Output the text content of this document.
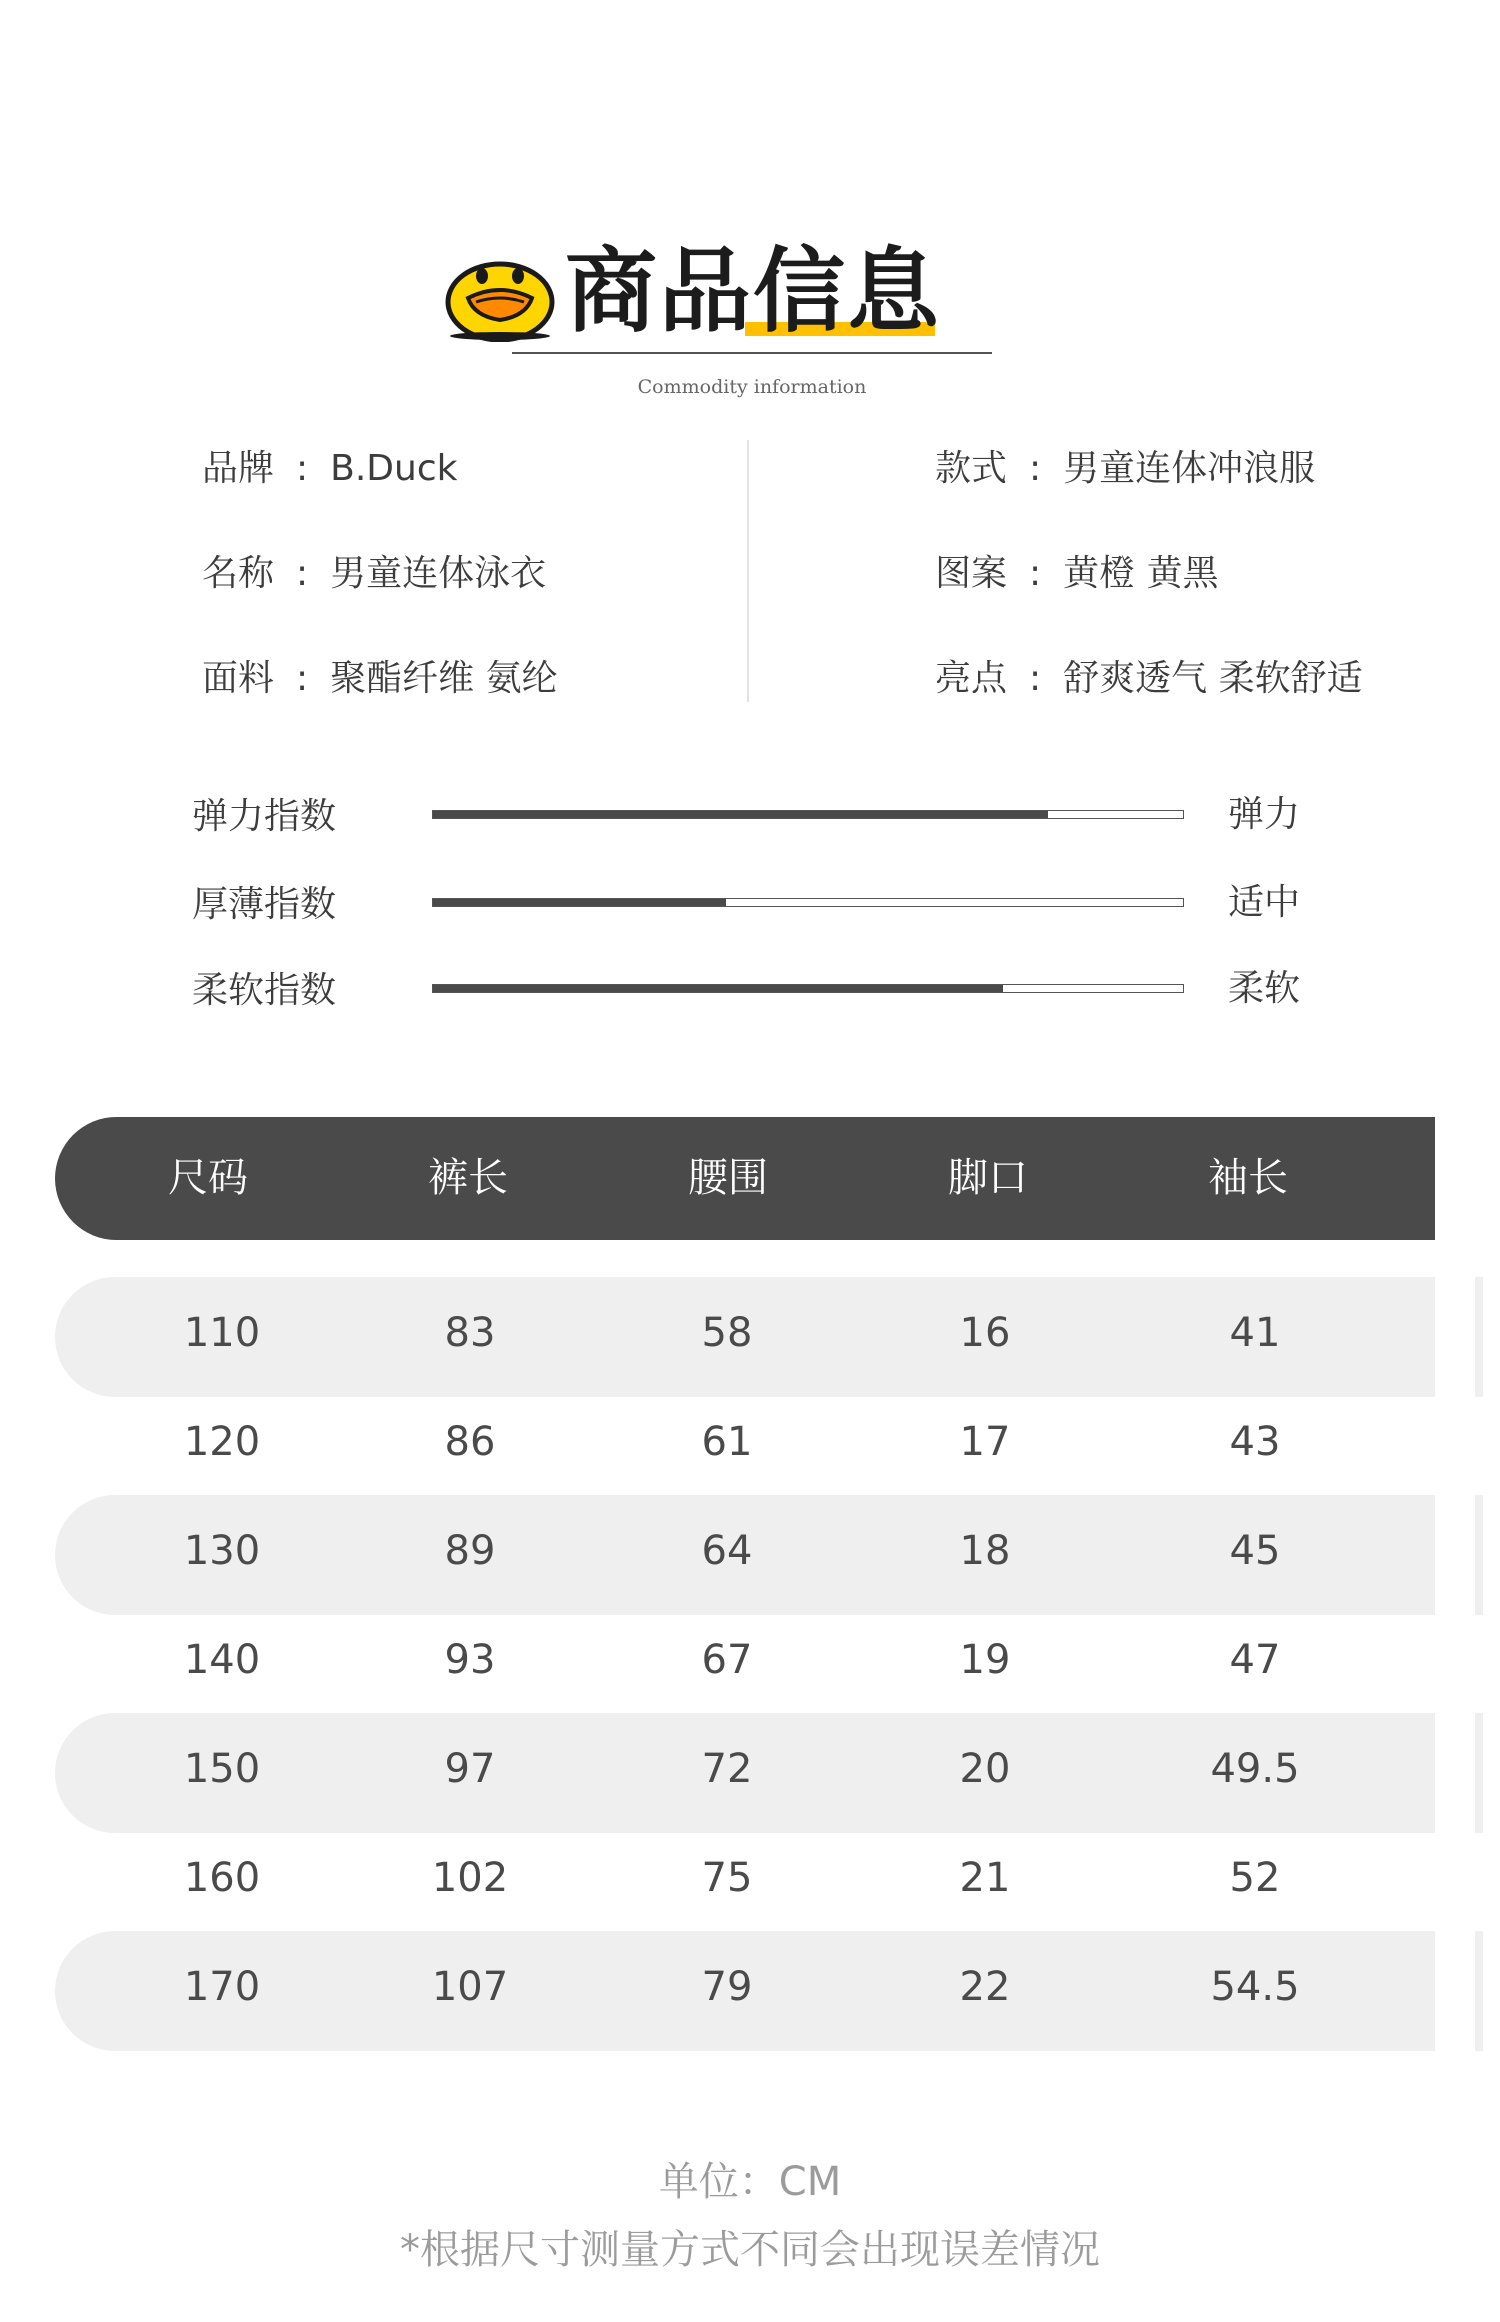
商品信息
Commodity information
品牌 : B.Duck
名称 : 男童连体泳衣
面料 : 聚酯纤维 氨纶
款式 : 男童连体冲浪服
图案 : 黄橙 黄黑
亮点 : 舒爽透气 柔软舒适
弹力指数	弹力
厚薄指数	适中
柔软指数	柔软
尺码	裤长	腰围	脚口	袖长
110	83	58	16	41
120	86	61	17	43
130	89	64	18	45
140	93	67	19	47
150	97	72	20	49.5
160	102	75	21	52
170	107	79	22	54.5
单位：CM
*根据尺寸测量方式不同会出现误差情况
